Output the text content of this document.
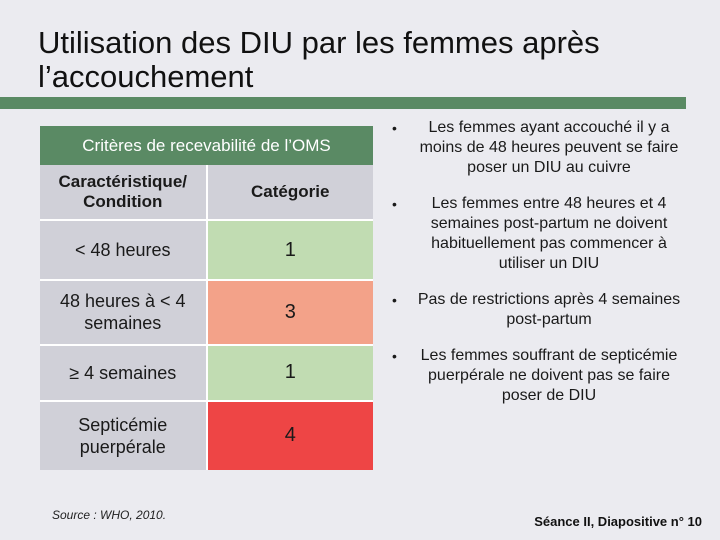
Utilisation des DIU par les femmes après l’accouchement
Critères de recevabilité de l’OMS	
Caractéristique/ Condition	Catégorie
< 48 heures	1
48 heures à < 4 semaines	3
≥ 4 semaines	1
Septicémie puerpérale	4
• Les femmes ayant accouché il y a moins de 48 heures peuvent se faire poser un DIU au cuivre
• Les femmes entre 48 heures et 4 semaines post-partum ne doivent habituellement pas commencer à utiliser un DIU
• Pas de restrictions après 4 semaines post-partum
• Les femmes souffrant de septicémie puerpérale ne doivent pas se faire poser de DIU
Source : WHO, 2010.	Séance II, Diapositive n° 10
